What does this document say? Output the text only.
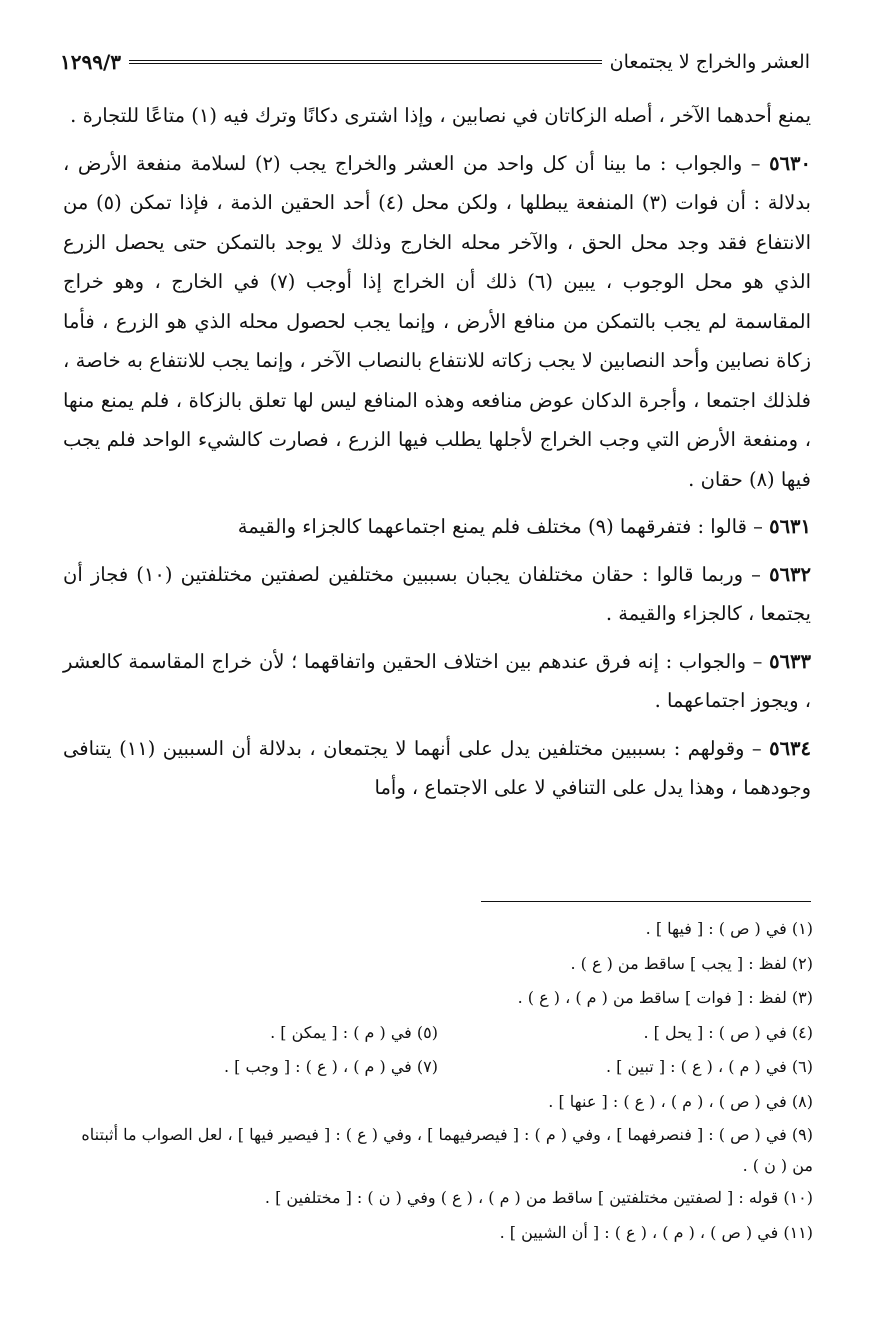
العشر والخراج لا يجتمعان
١٢٩٩/٣

يمنع أحدهما الآخر ، أصله الزكاتان في نصابين ، وإذا اشترى دكانًا وترك فيه (١) متاعًا للتجارة .

٥٦٣٠ – والجواب : ما بينا أن كل واحد من العشر والخراج يجب (٢) لسلامة منفعة الأرض ، بدلالة : أن فوات (٣) المنفعة يبطلها ، ولكن محل (٤) أحد الحقين الذمة ، فإذا تمكن (٥) من الانتفاع فقد وجد محل الحق ، والآخر محله الخارج وذلك لا يوجد بالتمكن حتى يحصل الزرع الذي هو محل الوجوب ، يبين (٦) ذلك أن الخراج إذا أوجب (٧) في الخارج ، وهو خراج المقاسمة لم يجب بالتمكن من منافع الأرض ، وإنما يجب لحصول محله الذي هو الزرع ، فأما زكاة نصابين وأحد النصابين لا يجب زكاته للانتفاع بالنصاب الآخر ، وإنما يجب للانتفاع به خاصة ، فلذلك اجتمعا ، وأجرة الدكان عوض منافعه وهذه المنافع ليس لها تعلق بالزكاة ، فلم يمنع منها ، ومنفعة الأرض التي وجب الخراج لأجلها يطلب فيها الزرع ، فصارت كالشيء الواحد فلم يجب فيها (٨) حقان .

٥٦٣١ – قالوا : فتفرقهما (٩) مختلف فلم يمنع اجتماعهما كالجزاء والقيمة

٥٦٣٢ – وربما قالوا : حقان مختلفان يجبان بسببين مختلفين لصفتين مختلفتين (١٠) فجاز أن يجتمعا ، كالجزاء والقيمة .

٥٦٣٣ – والجواب : إنه فرق عندهم بين اختلاف الحقين واتفاقهما ؛ لأن خراج المقاسمة كالعشر ، ويجوز اجتماعهما .

٥٦٣٤ – وقولهم : بسببين مختلفين يدل على أنهما لا يجتمعان ، بدلالة أن السببين (١١) يتنافى وجودهما ، وهذا يدل على التنافي لا على الاجتماع ، وأما

(١) في ( ص ) : [ فيها ] .

(٢) لفظ : [ يجب ] ساقط من ( ع ) .

(٣) لفظ : [ فوات ] ساقط من ( م ) ، ( ع ) .

(٤) في ( ص ) : [ يحل ] .
(٥) في ( م ) : [ يمكن ] .
(٦) في ( م ) ، ( ع ) : [ تبين ] .
(٧) في ( م ) ، ( ع ) : [ وجب ] .

(٨) في ( ص ) ، ( م ) ، ( ع ) : [ عنها ] .

(٩) في ( ص ) : [ فنصرفهما ] ، وفي ( م ) : [ فيصرفيهما ] ، وفي ( ع ) : [ فيصير فيها ] ، لعل الصواب ما أثبتناه من ( ن ) .

(١٠) قوله : [ لصفتين مختلفتين ] ساقط من ( م ) ، ( ع ) وفي ( ن ) : [ مختلفين ] .

(١١) في ( ص ) ، ( م ) ، ( ع ) : [ أن الشيين ] .
